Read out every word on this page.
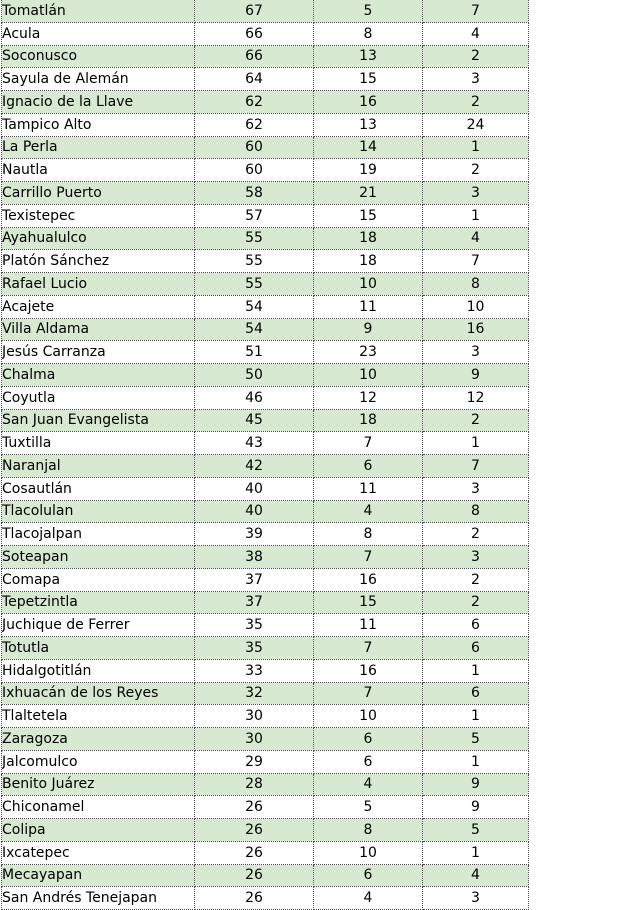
Tomatlán	67	5	7
Acula	66	8	4
Soconusco	66	13	2
Sayula de Alemán	64	15	3
Ignacio de la Llave	62	16	2
Tampico Alto	62	13	24
La Perla	60	14	1
Nautla	60	19	2
Carrillo Puerto	58	21	3
Texistepec	57	15	1
Ayahualulco	55	18	4
Platón Sánchez	55	18	7
Rafael Lucio	55	10	8
Acajete	54	11	10
Villa Aldama	54	9	16
Jesús Carranza	51	23	3
Chalma	50	10	9
Coyutla	46	12	12
San Juan Evangelista	45	18	2
Tuxtilla	43	7	1
Naranjal	42	6	7
Cosautlán	40	11	3
Tlacolulan	40	4	8
Tlacojalpan	39	8	2
Soteapan	38	7	3
Comapa	37	16	2
Tepetzintla	37	15	2
Juchique de Ferrer	35	11	6
Totutla	35	7	6
Hidalgotitlán	33	16	1
Ixhuacán de los Reyes	32	7	6
Tlaltetela	30	10	1
Zaragoza	30	6	5
Jalcomulco	29	6	1
Benito Juárez	28	4	9
Chiconamel	26	5	9
Colipa	26	8	5
Ixcatepec	26	10	1
Mecayapan	26	6	4
San Andrés Tenejapan	26	4	3
